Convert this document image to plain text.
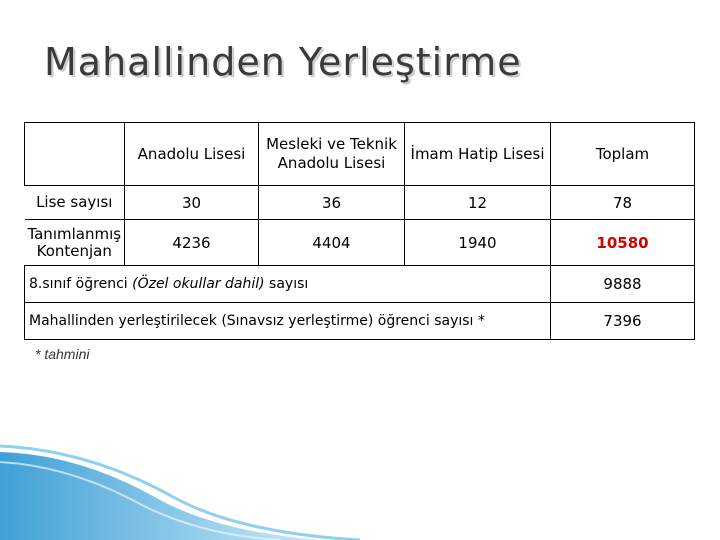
Mahallinden Yerleştirme
	Anadolu Lisesi	Mesleki ve Teknik Anadolu Lisesi	İmam Hatip Lisesi	Toplam
Lise sayısı	30	36	12	78
Tanımlanmış Kontenjan	4236	4404	1940	10580
8.sınıf öğrenci (Özel okullar dahil) sayısı				9888
Mahallinden yerleştirilecek (Sınavsız yerleştirme) öğrenci sayısı *				7396
* tahmini
